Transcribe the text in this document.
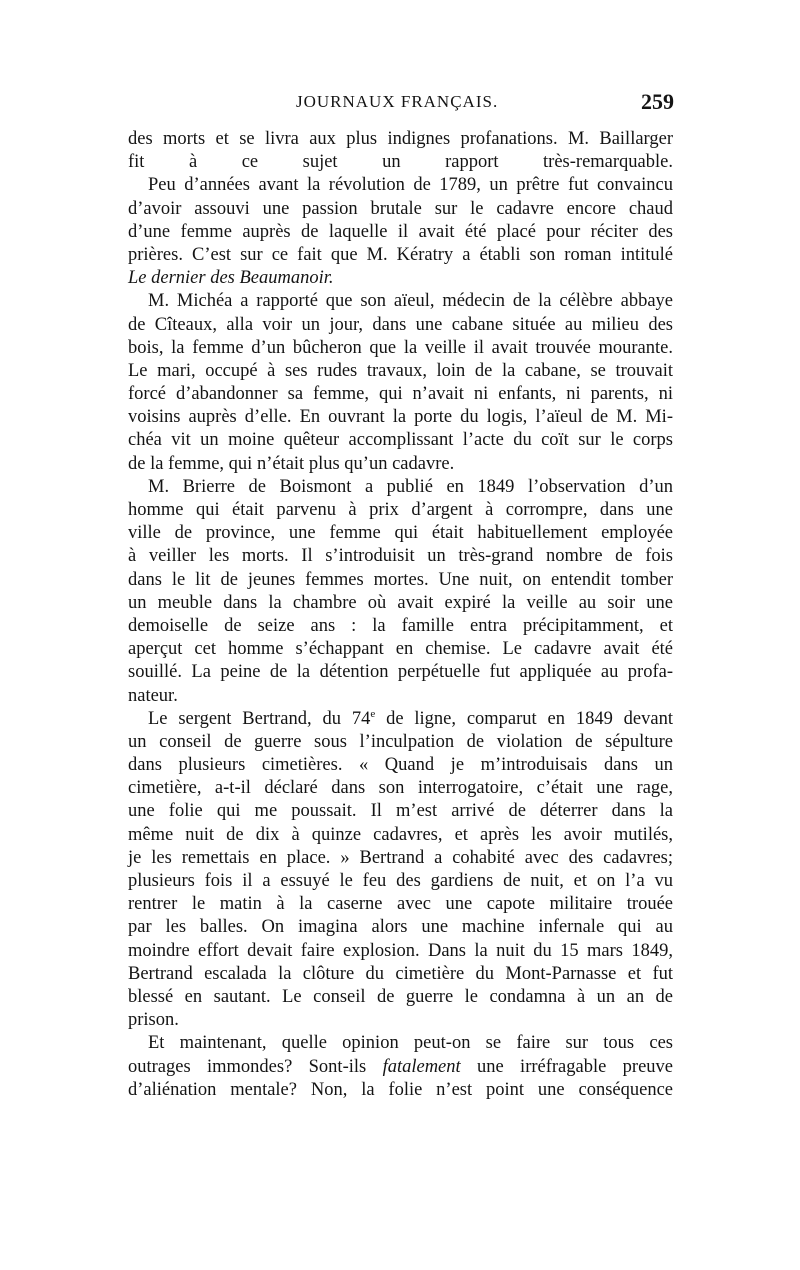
JOURNAUX FRANÇAIS.	259
des morts et se livra aux plus indignes profanations. M. Baillarger
fit à ce sujet un rapport très-remarquable.
Peu d’années avant la révolution de 1789, un prêtre fut convaincu
d’avoir assouvi une passion brutale sur le cadavre encore chaud
d’une femme auprès de laquelle il avait été placé pour réciter des
prières. C’est sur ce fait que M. Kératry a établi son roman intitulé
Le dernier des Beaumanoir.
M. Michéa a rapporté que son aïeul, médecin de la célèbre abbaye
de Cîteaux, alla voir un jour, dans une cabane située au milieu des
bois, la femme d’un bûcheron que la veille il avait trouvée mourante.
Le mari, occupé à ses rudes travaux, loin de la cabane, se trouvait
forcé d’abandonner sa femme, qui n’avait ni enfants, ni parents, ni
voisins auprès d’elle. En ouvrant la porte du logis, l’aïeul de M. Mi-
chéa vit un moine quêteur accomplissant l’acte du coït sur le corps
de la femme, qui n’était plus qu’un cadavre.
M. Brierre de Boismont a publié en 1849 l’observation d’un
homme qui était parvenu à prix d’argent à corrompre, dans une
ville de province, une femme qui était habituellement employée
à veiller les morts. Il s’introduisit un très-grand nombre de fois
dans le lit de jeunes femmes mortes. Une nuit, on entendit tomber
un meuble dans la chambre où avait expiré la veille au soir une
demoiselle de seize ans : la famille entra précipitamment, et
aperçut cet homme s’échappant en chemise. Le cadavre avait été
souillé. La peine de la détention perpétuelle fut appliquée au profa-
nateur.
Le sergent Bertrand, du 74e de ligne, comparut en 1849 devant
un conseil de guerre sous l’inculpation de violation de sépulture
dans plusieurs cimetières. « Quand je m’introduisais dans un
cimetière, a-t-il déclaré dans son interrogatoire, c’était une rage,
une folie qui me poussait. Il m’est arrivé de déterrer dans la
même nuit de dix à quinze cadavres, et après les avoir mutilés,
je les remettais en place. » Bertrand a cohabité avec des cadavres;
plusieurs fois il a essuyé le feu des gardiens de nuit, et on l’a vu
rentrer le matin à la caserne avec une capote militaire trouée
par les balles. On imagina alors une machine infernale qui au
moindre effort devait faire explosion. Dans la nuit du 15 mars 1849,
Bertrand escalada la clôture du cimetière du Mont-Parnasse et fut
blessé en sautant. Le conseil de guerre le condamna à un an de
prison.
Et maintenant, quelle opinion peut-on se faire sur tous ces
outrages immondes? Sont-ils fatalement une irréfragable preuve
d’aliénation mentale? Non, la folie n’est point une conséquence
